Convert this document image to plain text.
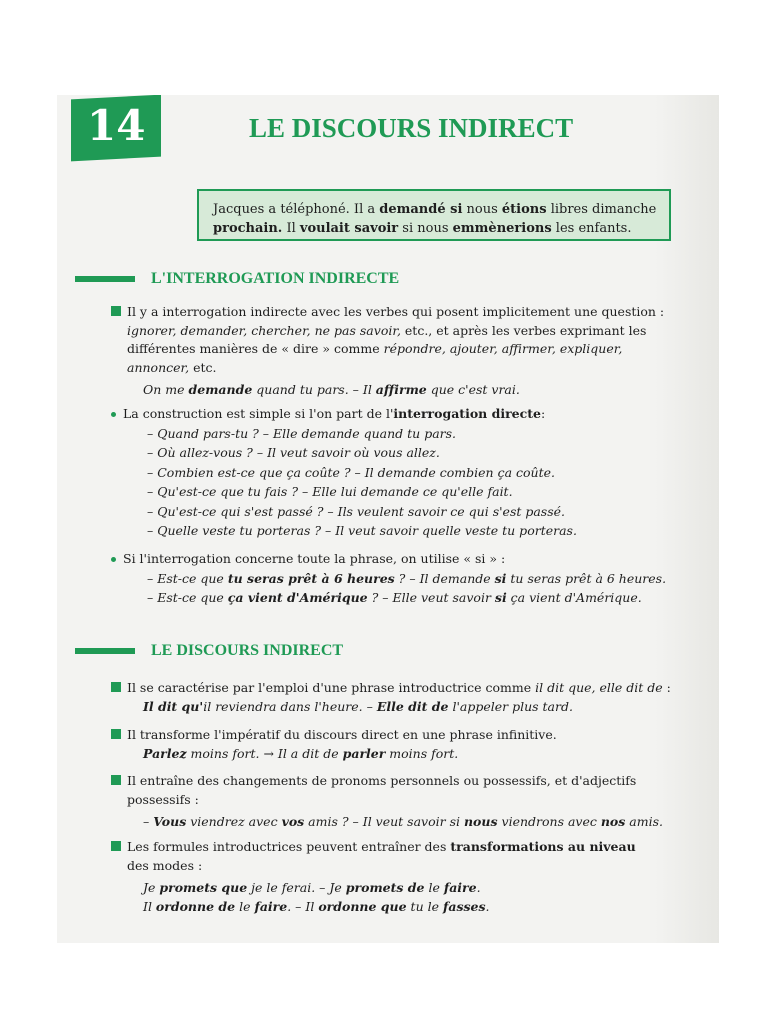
14	LE DISCOURS INDIRECT
Jacques a téléphoné. Il a demandé si nous étions libres dimanche
prochain. Il voulait savoir si nous emmènerions les enfants.
L'INTERROGATION INDIRECTE
Il y a interrogation indirecte avec les verbes qui posent implicitement une question :
ignorer, demander, chercher, ne pas savoir, etc., et après les verbes exprimant les
différentes manières de « dire » comme répondre, ajouter, affirmer, expliquer,
annoncer, etc.
On me demande quand tu pars. – Il affirme que c'est vrai.
La construction est simple si l'on part de l'interrogation directe:
– Quand pars-tu ? – Elle demande quand tu pars.
– Où allez-vous ? – Il veut savoir où vous allez.
– Combien est-ce que ça coûte ? – Il demande combien ça coûte.
– Qu'est-ce que tu fais ? – Elle lui demande ce qu'elle fait.
– Qu'est-ce qui s'est passé ? – Ils veulent savoir ce qui s'est passé.
– Quelle veste tu porteras ? – Il veut savoir quelle veste tu porteras.
Si l'interrogation concerne toute la phrase, on utilise « si » :
– Est-ce que tu seras prêt à 6 heures ? – Il demande si tu seras prêt à 6 heures.
– Est-ce que ça vient d'Amérique ? – Elle veut savoir si ça vient d'Amérique.
LE DISCOURS INDIRECT
Il se caractérise par l'emploi d'une phrase introductrice comme il dit que, elle dit de :
Il dit qu'il reviendra dans l'heure. – Elle dit de l'appeler plus tard.
Il transforme l'impératif du discours direct en une phrase infinitive.
Parlez moins fort. → Il a dit de parler moins fort.
Il entraîne des changements de pronoms personnels ou possessifs, et d'adjectifs
possessifs :
– Vous viendrez avec vos amis ? – Il veut savoir si nous viendrons avec nos amis.
Les formules introductrices peuvent entraîner des transformations au niveau
des modes :
Je promets que je le ferai. – Je promets de le faire.
Il ordonne de le faire. – Il ordonne que tu le fasses.
